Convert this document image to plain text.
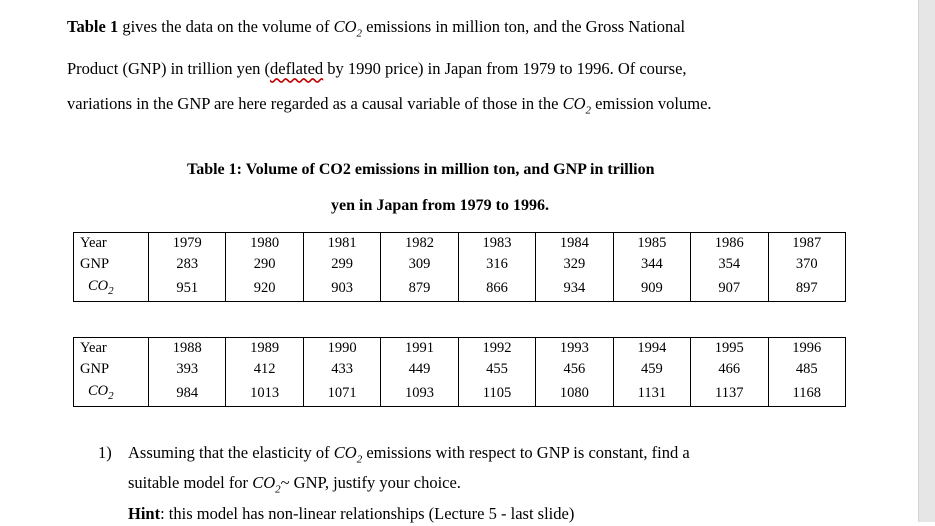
Table 1 gives the data on the volume of $CO_2$ emissions in million ton, and the Gross National
Product (GNP) in trillion yen (deflated by 1990 price) in Japan from 1979 to 1996. Of course,
variations in the GNP are here regarded as a causal variable of those in the $CO_2$ emission volume.
Table 1: Volume of CO2 emissions in million ton, and GNP in trillion
yen in Japan from 1979 to 1996.
Year	1979	1980	1981	1982	1983	1984	1985	1986	1987
GNP	283	290	299	309	316	329	344	354	370
$CO_2$	951	920	903	879	866	934	909	907	897
Year	1988	1989	1990	1991	1992	1993	1994	1995	1996
GNP	393	412	433	449	455	456	459	466	485
$CO_2$	984	1013	1071	1093	1105	1080	1131	1137	1168
1) Assuming that the elasticity of $CO_2$ emissions with respect to GNP is constant, find a
suitable model for $CO_2\sim$ GNP, justify your choice.
Hint: this model has non-linear relationships (Lecture 5 - last slide)
